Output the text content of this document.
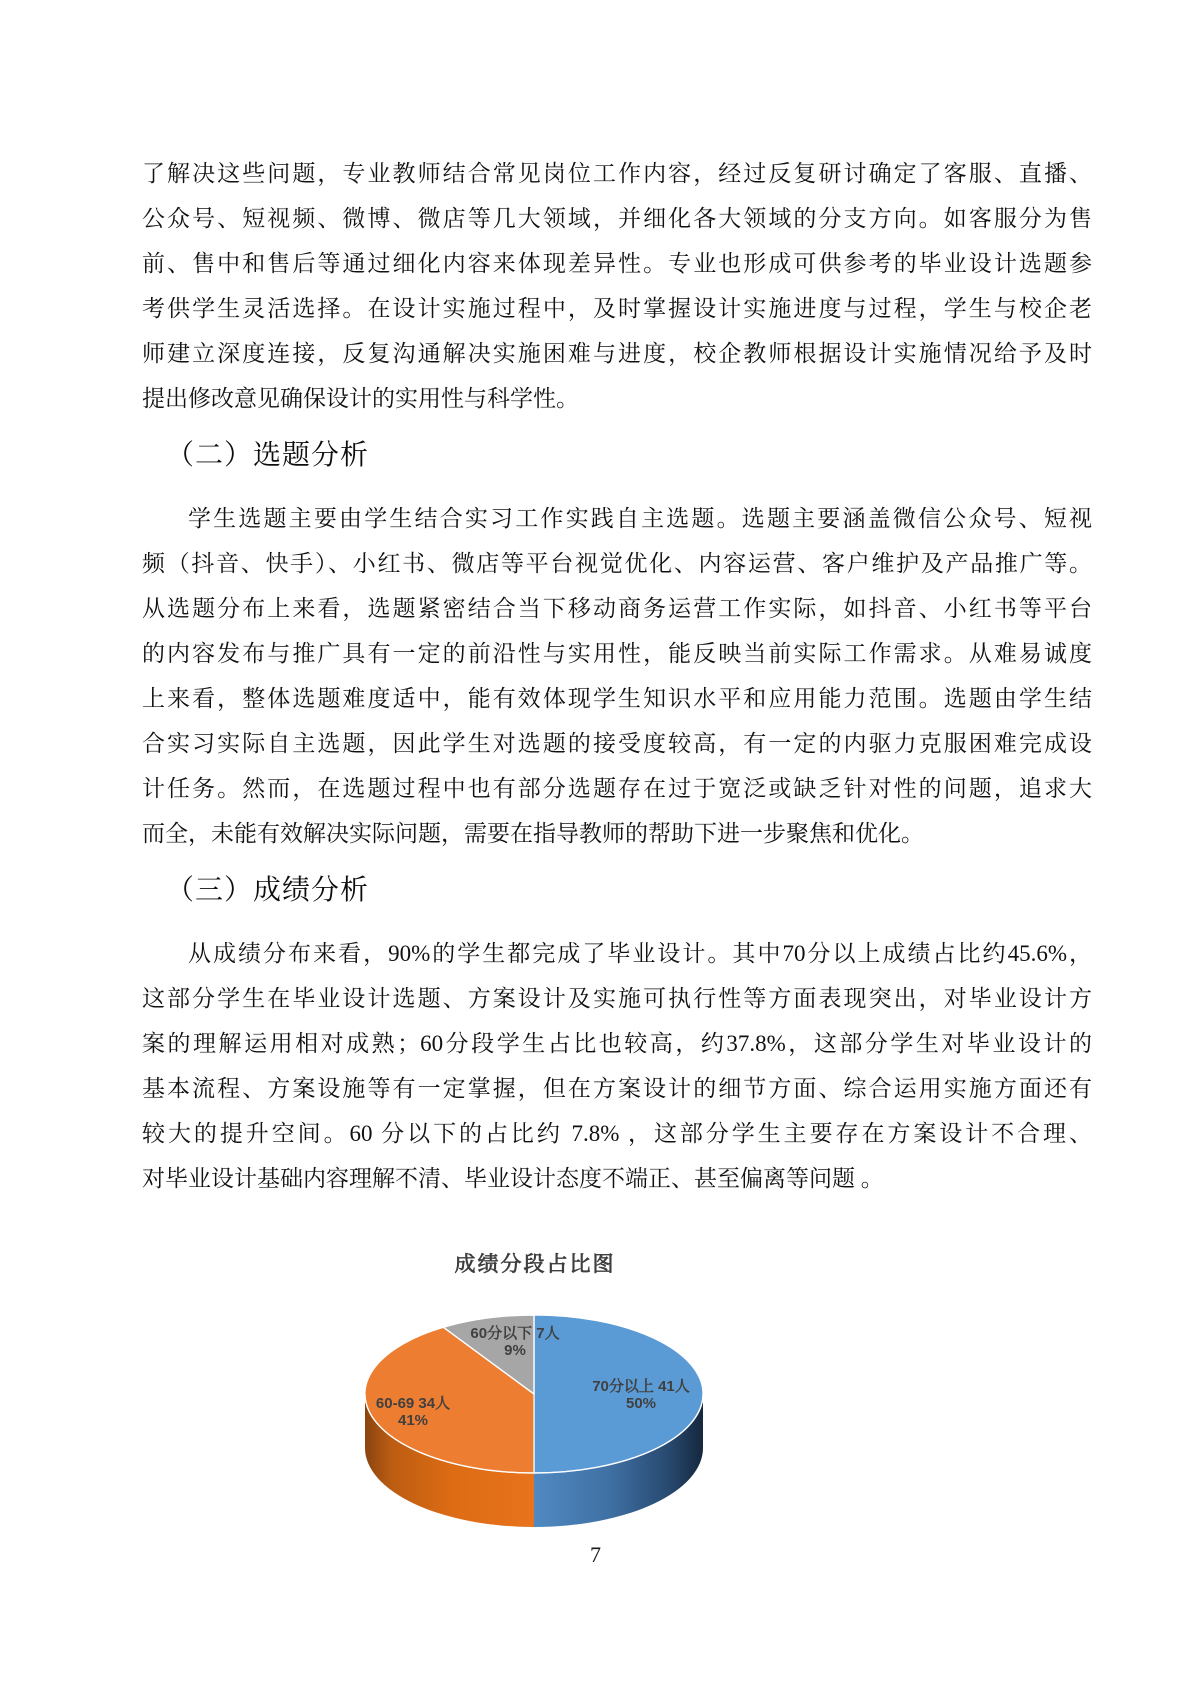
了解决这些问题，专业教师结合常见岗位工作内容，经过反复研讨确定了客服、直播、
公众号、短视频、微博、微店等几大领域，并细化各大领域的分支方向。如客服分为售
前、售中和售后等通过细化内容来体现差异性。专业也形成可供参考的毕业设计选题参
考供学生灵活选择。在设计实施过程中，及时掌握设计实施进度与过程，学生与校企老
师建立深度连接，反复沟通解决实施困难与进度，校企教师根据设计实施情况给予及时
提出修改意见确保设计的实用性与科学性。
（二）选题分析
学生选题主要由学生结合实习工作实践自主选题。选题主要涵盖微信公众号、短视
频（抖音、快手）、小红书、微店等平台视觉优化、内容运营、客户维护及产品推广等。
从选题分布上来看，选题紧密结合当下移动商务运营工作实际，如抖音、小红书等平台
的内容发布与推广具有一定的前沿性与实用性，能反映当前实际工作需求。从难易诚度
上来看，整体选题难度适中，能有效体现学生知识水平和应用能力范围。选题由学生结
合实习实际自主选题，因此学生对选题的接受度较高，有一定的内驱力克服困难完成设
计任务。然而，在选题过程中也有部分选题存在过于宽泛或缺乏针对性的问题，追求大
而全，未能有效解决实际问题，需要在指导教师的帮助下进一步聚焦和优化。
（三）成绩分析
从成绩分布来看，90%的学生都完成了毕业设计。其中70分以上成绩占比约45.6%，
这部分学生在毕业设计选题、方案设计及实施可执行性等方面表现突出，对毕业设计方
案的理解运用相对成熟；60分段学生占比也较高，约37.8%，这部分学生对毕业设计的
基本流程、方案设施等有一定掌握，但在方案设计的细节方面、综合运用实施方面还有
较大的提升空间。60 分以下的占比约 7.8% ，这部分学生主要存在方案设计不合理、
对毕业设计基础内容理解不清、毕业设计态度不端正、甚至偏离等问题 。
成绩分段占比图
60分以下 7人
9%
70分以上 41人
50%
60-69 34人
41%
7
